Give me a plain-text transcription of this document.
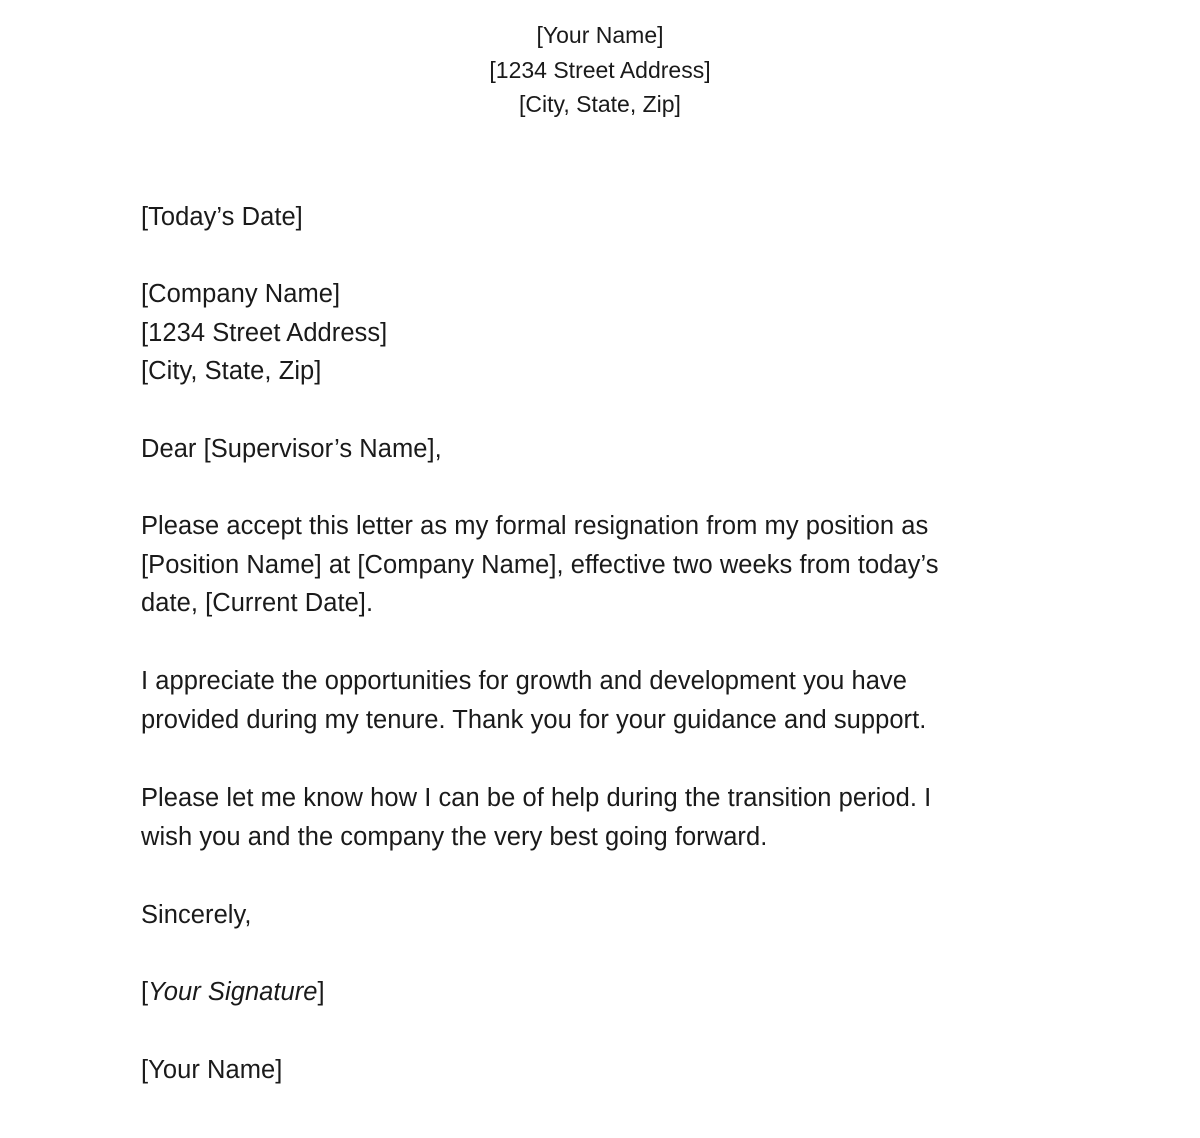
[Your Name]
[1234 Street Address]
[City, State, Zip]

[Today’s Date]

[Company Name]

[1234 Street Address]

[City, State, Zip]

Dear [Supervisor’s Name],

Please accept this letter as my formal resignation from my position as

[Position Name] at [Company Name], effective two weeks from today’s

date, [Current Date].

I appreciate the opportunities for growth and development you have

provided during my tenure. Thank you for your guidance and support.

Please let me know how I can be of help during the transition period. I

wish you and the company the very best going forward.

Sincerely,

[Your Signature]

[Your Name]
